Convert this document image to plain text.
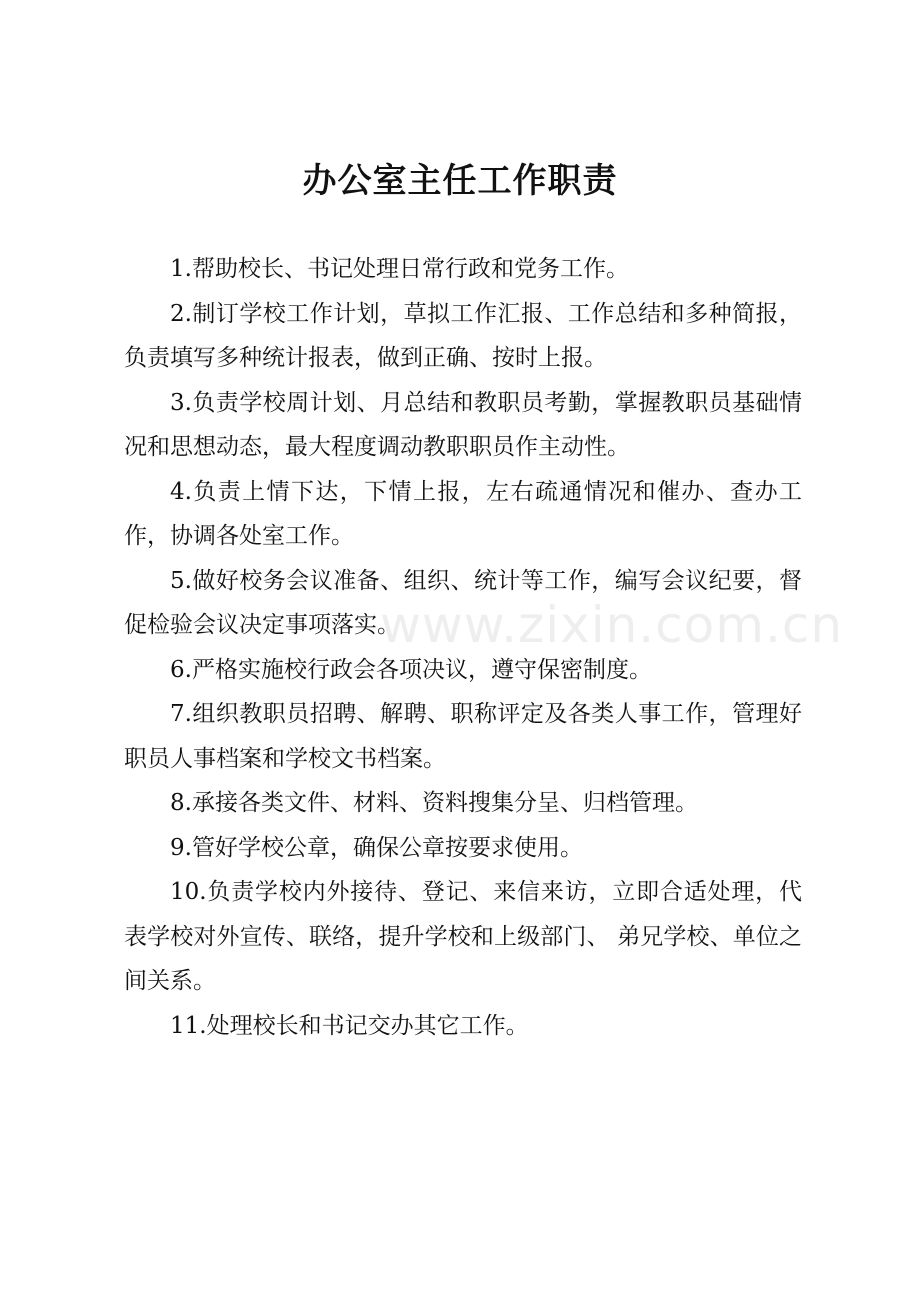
办公室主任工作职责

1.帮助校长、书记处理日常行政和党务工作。

2.制订学校工作计划，草拟工作汇报、工作总结和多种简报，负责填写多种统计报表，做到正确、按时上报。

3.负责学校周计划、月总结和教职员考勤，掌握教职员基础情况和思想动态，最大程度调动教职职员作主动性。

4.负责上情下达，下情上报，左右疏通情况和催办、查办工作，协调各处室工作。

5.做好校务会议准备、组织、统计等工作，编写会议纪要，督促检验会议决定事项落实。

6.严格实施校行政会各项决议，遵守保密制度。

7.组织教职员招聘、解聘、职称评定及各类人事工作，管理好职员人事档案和学校文书档案。

8.承接各类文件、材料、资料搜集分呈、归档管理。

9.管好学校公章，确保公章按要求使用。

10.负责学校内外接待、登记、来信来访，立即合适处理，代表学校对外宣传、联络，提升学校和上级部门、 弟兄学校、单位之间关系。

11.处理校长和书记交办其它工作。

www.zixin.com.cn
